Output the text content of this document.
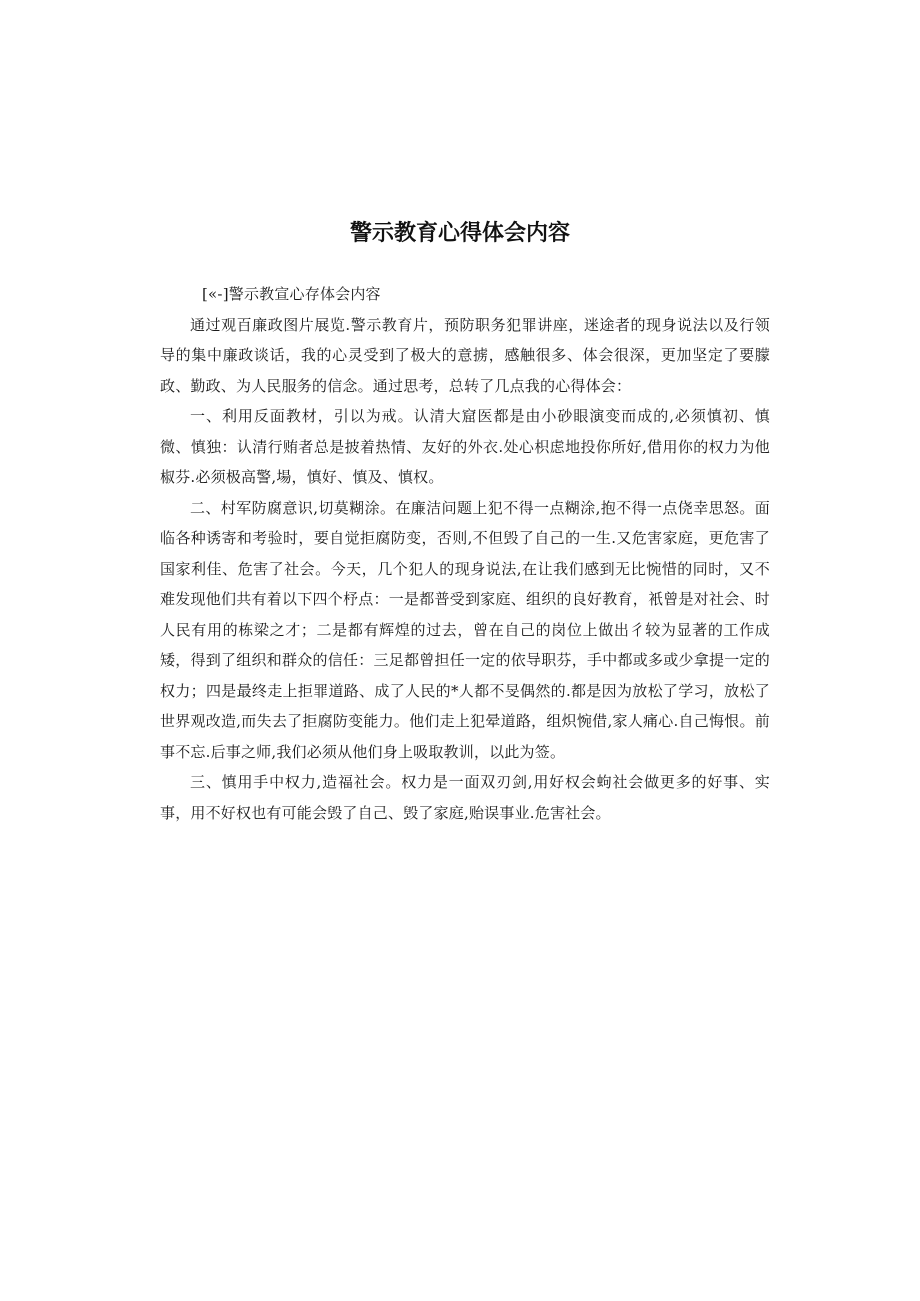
警示教育心得体会内容

[«-]警示教宣心存体会内容

通过观百廉政图片展览.警示教育片，预防职务犯罪讲座，迷途者的现身说法以及行领导的集中廉政谈话，我的心灵受到了极大的意掳，感触很多、体会很深，更加坚定了要朦政、勤政、为人民服务的信念。通过思考，总转了几点我的心得体会：

一、利用反面教材，引以为戒。认清大窟医都是由小砂眼演变而成的,必须慎初、慎微、慎独：认清行贿者总是披着热情、友好的外衣.处心枳虑地投你所好,借用你的权力为他椒芬.必须极高警,場，慎好、慎及、慎权。

二、村军防腐意识,切莫糊涂。在廉洁问题上犯不得一点糊涂,抱不得一点侥幸思怒。面临各种诱寄和考验时，要自觉拒腐防变，否则,不但毁了自己的一生.又危害家庭，更危害了国家利佳、危害了社会。今天，几个犯人的现身说法,在让我们感到无比惋惜的同时，又不难发现他们共有着以下四个杼点：一是都普受到家庭、组织的良好教育，衹曾是对社会、时人民有用的栋梁之才；二是都有辉煌的过去，曾在自己的岗位上做出彳较为显著的工作成矮，得到了组织和群众的信任：三足都曾担任一定的依导职芬，手中都或多或少拿提一定的权力；四是最终走上拒罪道路、成了人民的*人都不旻偶然的.都是因为放松了学习，放松了世界观改造,而失去了拒腐防变能力。他们走上犯晕道路，组炽惋借,家人痛心.自己悔恨。前事不忘.后事之师,我们必须从他们身上吸取教训，以此为签。

三、慎用手中权力,造福社会。权力是一面双刃剑,用好权会蚼社会做更多的好事、实事，用不好权也有可能会毁了自己、毁了家庭,贻误事业.危害社会。
